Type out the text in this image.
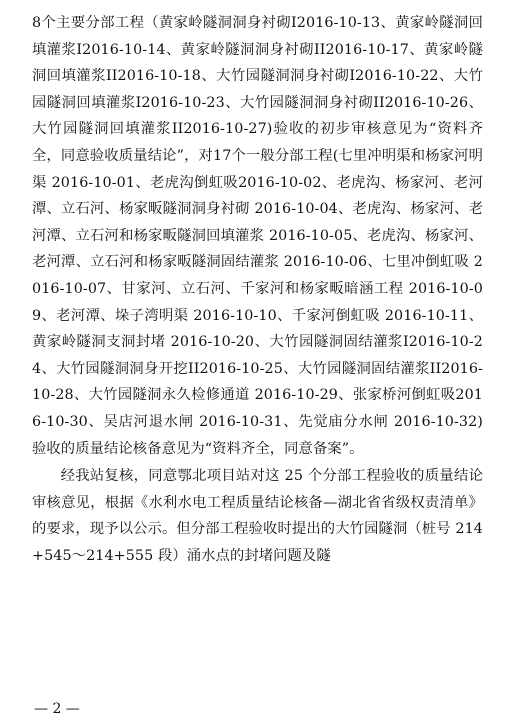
8个主要分部工程（黄家岭隧洞洞身衬砌I2016-10-13、黄家岭隧洞回填灌浆I2016-10-14、黄家岭隧洞洞身衬砌II2016-10-17、黄家岭隧洞回填灌浆II2016-10-18、大竹园隧洞洞身衬砌I2016-10-22、大竹园隧洞回填灌浆I2016-10-23、大竹园隧洞洞身衬砌II2016-10-26、大竹园隧洞回填灌浆II2016-10-27)验收的初步审核意见为“资料齐全，同意验收质量结论”，对17个一般分部工程(七里冲明渠和杨家河明渠 2016-10-01、老虎沟倒虹吸2016-10-02、老虎沟、杨家河、老河潭、立石河、杨家畈隧洞洞身衬砌 2016-10-04、老虎沟、杨家河、老河潭、立石河和杨家畈隧洞回填灌浆 2016-10-05、老虎沟、杨家河、老河潭、立石河和杨家畈隧洞固结灌浆 2016-10-06、七里冲倒虹吸 2016-10-07、甘家河、立石河、千家河和杨家畈暗涵工程 2016-10-09、老河潭、垛子湾明渠 2016-10-10、千家河倒虹吸 2016-10-11、黄家岭隧洞支洞封堵 2016-10-20、大竹园隧洞固结灌浆I2016-10-24、大竹园隧洞洞身开挖II2016-10-25、大竹园隧洞固结灌浆II2016-10-28、大竹园隧洞永久检修通道 2016-10-29、张家桥河倒虹吸2016-10-30、吴店河退水闸 2016-10-31、先觉庙分水闸 2016-10-32)验收的质量结论核备意见为“资料齐全，同意备案”。

经我站复核，同意鄂北项目站对这 25 个分部工程验收的质量结论审核意见，根据《水利水电工程质量结论核备—湖北省省级权责清单》的要求，现予以公示。但分部工程验收时提出的大竹园隧洞（桩号 214+545～214+555 段）涌水点的封堵问题及隧

— 2 —
